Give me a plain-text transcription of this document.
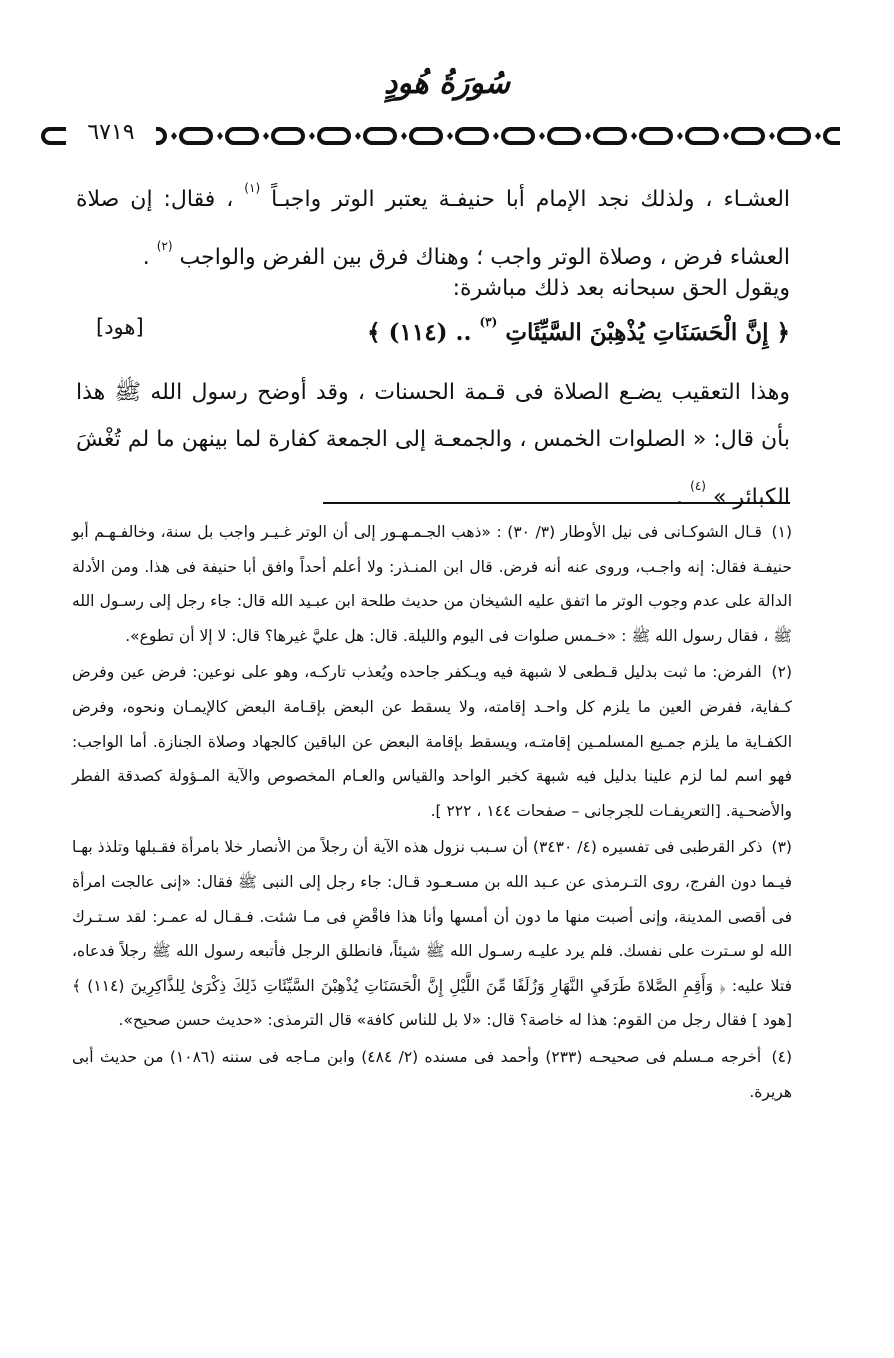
سُورَةُ هُودٍ
٦٧١٩
العشـاء ، ولذلك نجد الإمام أبا حنيفـة يعتبر الوتر واجبـاً $^{(١)}$ ، فقال: إن صلاة العشاء فرض ، وصلاة الوتر واجب ؛ وهناك فرق بين الفرض والواجب $^{(٢)}$ .
ويقول الحق سبحانه بعد ذلك مباشرة:
﴿ إِنَّ الْحَسَنَاتِ يُذْهِبْنَ السَّيِّئَاتِ $^{(٣)}$ .. (١١٤) ﴾
[هود]
وهذا التعقيب يضـع الصلاة فى قـمة الحسنات ، وقد أوضح رسول الله ﷺ هذا بأن قال: « الصلوات الخمس ، والجمعـة إلى الجمعة كفارة لما بينهن ما لم تُغْشَ الكبائر » $^{(٤)}$ .
(١) قـال الشوكـانى فى نيل الأوطار (٣/ ٣٠) : «ذهب الجـمـهـور إلى أن الوتر غـيـر واجب بل سنة، وخالفـهـم أبو حنيفـة فقال: إنه واجـب، وروى عنه أنه فرض. قال ابن المنـذر: ولا أعلم أحداً وافق أبا حنيفة فى هذا. ومن الأدلة الدالة على عدم وجوب الوتر ما اتفق عليه الشيخان من حديث طلحة ابن عبـيد الله قال: جاء رجل إلى رسـول الله ﷺ ، فقال رسول الله ﷺ : «خـمس صلوات فى اليوم والليلة. قال: هل عليَّ غيرها؟ قال: لا إلا أن تطوع».
(٢) الفرض: ما ثبت بدليل قـطعى لا شبهة فيه ويـكفر جاحده ويُعذب تاركـه، وهو على نوعين: فرض عين وفرض كـفاية، ففرض العين ما يلزم كل واحـد إقامته، ولا يسقط عن البعض بإقـامة البعض كالإيمـان ونحوه، وفرض الكفـاية ما يلزم جمـيع المسلمـين إقامتـه، ويسقط بإقامة البعض عن الباقين كالجهاد وصلاة الجنازة. أما الواجب: فهو اسم لما لزم علينا بدليل فيه شبهة كخبر الواحد والقياس والعـام المخصوص والآية المـؤولة كصدقة الفطر والأضحـية. [التعريفـات للجرجانى – صفحات ١٤٤ ، ٢٢٢ ].
(٣) ذكر القرطبى فى تفسيره (٤/ ٣٤٣٠) أن سـبب نزول هذه الآية أن رجلاً من الأنصار خلا بامرأة فقـبلها وتلذذ بهـا فيـما دون الفرج، روى التـرمذى عن عـبد الله بن مسـعـود قـال: جاء رجل إلى النبى ﷺ فقال: «إنى عالجت امرأة فى أقصى المدينة، وإنى أصبت منها ما دون أن أمسها وأنا هذا فاقْضِ فى مـا شئت. فـقـال له عمـر: لقد سـتـرك الله لو سـترت على نفسك. فلم يرد عليـه رسـول الله ﷺ شيئاً، فانطلق الرجل فأتبعه رسول الله ﷺ رجلاً فدعاه، فتلا عليه: ﴿ وَأَقِمِ الصَّلاةَ طَرَفَيِ النَّهَارِ وَزُلَفًا مِّنَ اللَّيْلِ إِنَّ الْحَسَنَاتِ يُذْهِبْنَ السَّيِّئَاتِ ذَلِكَ ذِكْرَىٰ لِلذَّاكِرِينَ (١١٤) ﴾ [هود ] فقال رجل من القوم: هذا له خاصة؟ قال: «لا بل للناس كافة» قال الترمذى: «حديث حسن صحيح».
(٤) أخرجه مـسلم فى صحيحـه (٢٣٣) وأحمد فى مسنده (٢/ ٤٨٤) وابن مـاجه فى سننه (١٠٨٦) من حديث أبى هريرة.
